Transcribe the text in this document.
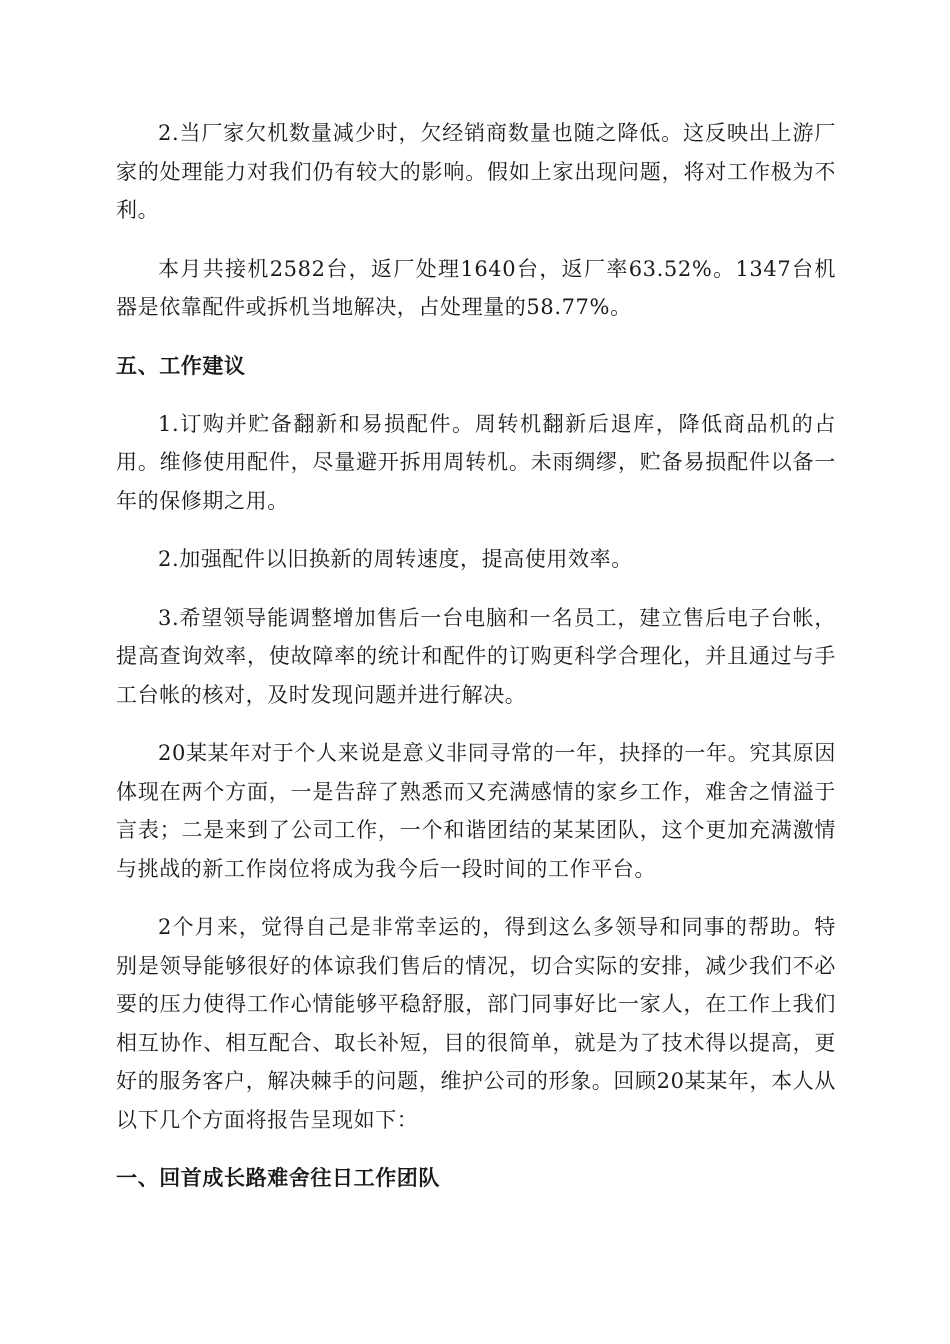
2.当厂家欠机数量减少时，欠经销商数量也随之降低。这反映出上游厂家的处理能力对我们仍有较大的影响。假如上家出现问题，将对工作极为不利。

本月共接机2582台，返厂处理1640台，返厂率63.52%。1347台机器是依靠配件或拆机当地解决，占处理量的58.77%。

五、工作建议

1.订购并贮备翻新和易损配件。周转机翻新后退库，降低商品机的占用。维修使用配件，尽量避开拆用周转机。未雨绸缪，贮备易损配件以备一年的保修期之用。

2.加强配件以旧换新的周转速度，提高使用效率。

3.希望领导能调整增加售后一台电脑和一名员工，建立售后电子台帐，提高查询效率，使故障率的统计和配件的订购更科学合理化，并且通过与手工台帐的核对，及时发现问题并进行解决。

20某某年对于个人来说是意义非同寻常的一年，抉择的一年。究其原因体现在两个方面，一是告辞了熟悉而又充满感情的家乡工作，难舍之情溢于言表；二是来到了公司工作，一个和谐团结的某某团队，这个更加充满激情与挑战的新工作岗位将成为我今后一段时间的工作平台。

2个月来，觉得自己是非常幸运的，得到这么多领导和同事的帮助。特别是领导能够很好的体谅我们售后的情况，切合实际的安排，减少我们不必要的压力使得工作心情能够平稳舒服，部门同事好比一家人，在工作上我们相互协作、相互配合、取长补短，目的很简单，就是为了技术得以提高，更好的服务客户，解决棘手的问题，维护公司的形象。回顾20某某年，本人从以下几个方面将报告呈现如下：

一、回首成长路难舍往日工作团队
